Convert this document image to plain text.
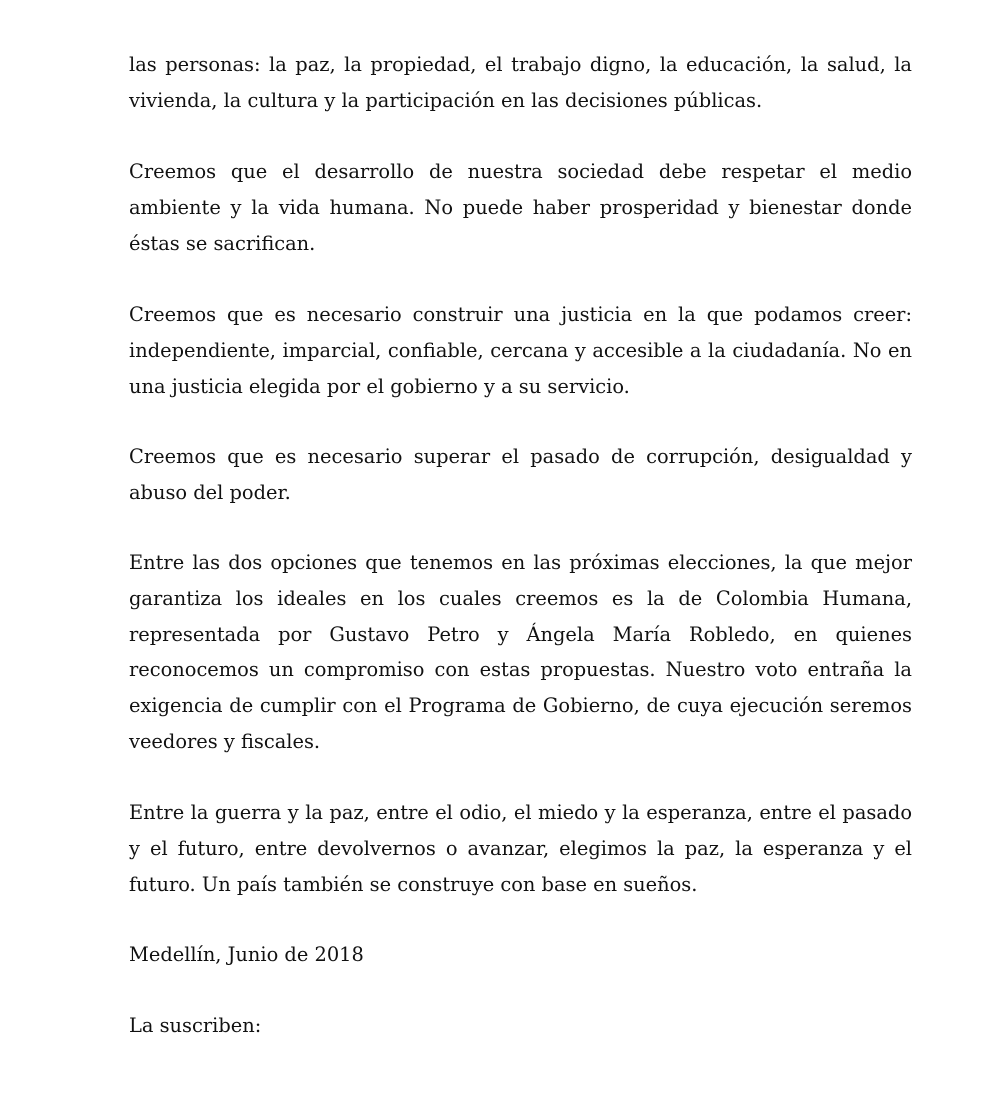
las personas: la paz, la propiedad, el trabajo digno, la educación, la salud, la vivienda, la cultura y la participación en las decisiones públicas.

Creemos que el desarrollo de nuestra sociedad debe respetar el medio ambiente y la vida humana. No puede haber prosperidad y bienestar donde éstas se sacrifican.

Creemos que es necesario construir una justicia en la que podamos creer: independiente, imparcial, confiable, cercana y accesible a la ciudadanía. No en una justicia elegida por el gobierno y a su servicio.

Creemos que es necesario superar el pasado de corrupción, desigualdad y abuso del poder.

Entre las dos opciones que tenemos en las próximas elecciones, la que mejor garantiza los ideales en los cuales creemos es la de Colombia Humana, representada por Gustavo Petro y Ángela María Robledo, en quienes reconocemos un compromiso con estas propuestas. Nuestro voto entraña la exigencia de cumplir con el Programa de Gobierno, de cuya ejecución seremos veedores y fiscales.

Entre la guerra y la paz, entre el odio, el miedo y la esperanza, entre el pasado y el futuro, entre devolvernos o avanzar, elegimos la paz, la esperanza y el futuro. Un país también se construye con base en sueños.

Medellín, Junio de 2018

La suscriben:
